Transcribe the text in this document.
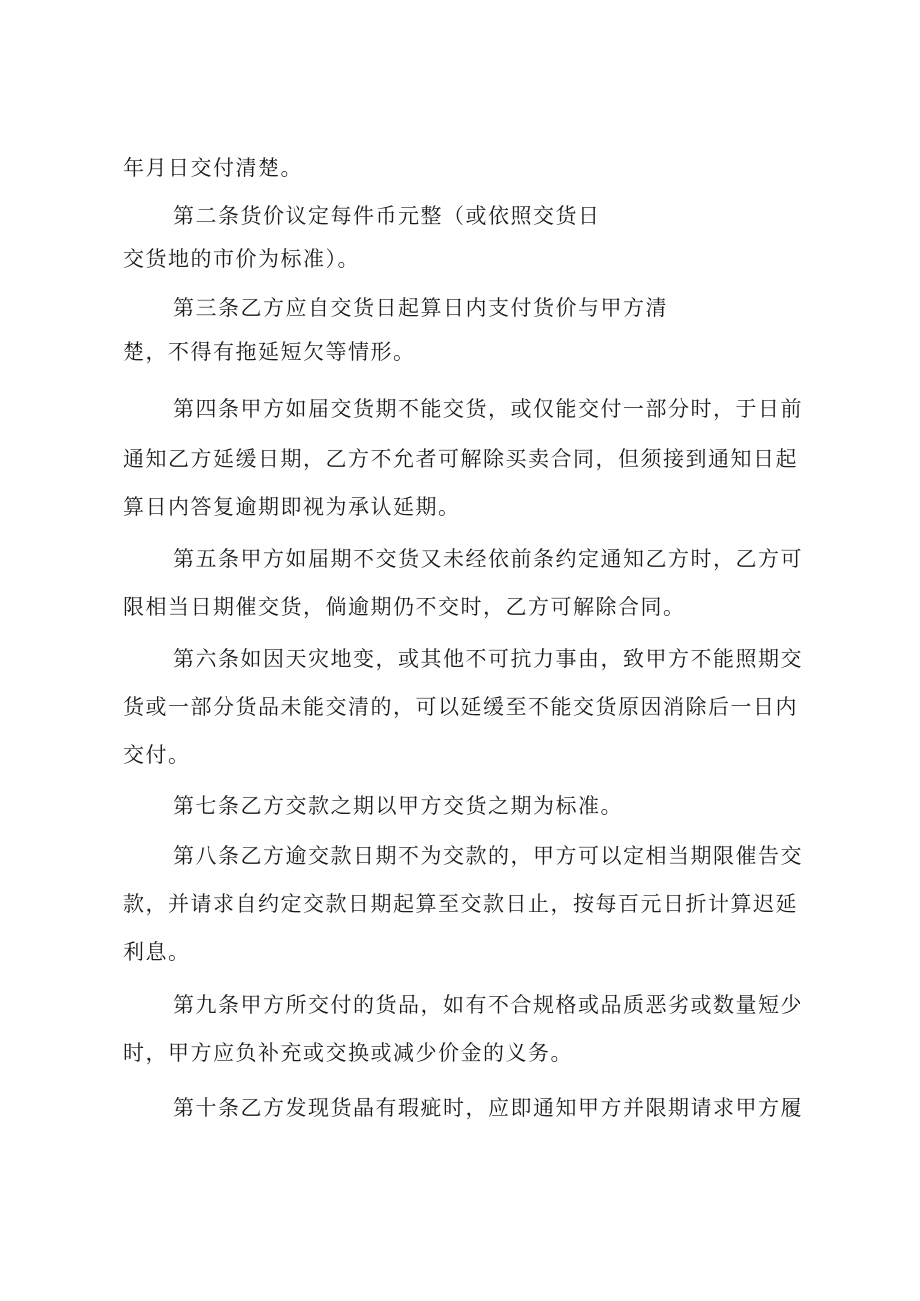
年月日交付清楚。

第二条货价议定每件币元整（或依照交货日

交货地的市价为标准）。

第三条乙方应自交货日起算日内支付货价与甲方清

楚，不得有拖延短欠等情形。

第四条甲方如届交货期不能交货，或仅能交付一部分时，于日前

通知乙方延缓日期，乙方不允者可解除买卖合同，但须接到通知日起

算日内答复逾期即视为承认延期。

第五条甲方如届期不交货又未经依前条约定通知乙方时，乙方可

限相当日期催交货，倘逾期仍不交时，乙方可解除合同。

第六条如因天灾地变，或其他不可抗力事由，致甲方不能照期交

货或一部分货品未能交清的，可以延缓至不能交货原因消除后一日内

交付。

第七条乙方交款之期以甲方交货之期为标准。

第八条乙方逾交款日期不为交款的，甲方可以定相当期限催告交

款，并请求自约定交款日期起算至交款日止，按每百元日折计算迟延

利息。

第九条甲方所交付的货品，如有不合规格或品质恶劣或数量短少

时，甲方应负补充或交换或减少价金的义务。

第十条乙方发现货晶有瑕疵时，应即通知甲方并限期请求甲方履
